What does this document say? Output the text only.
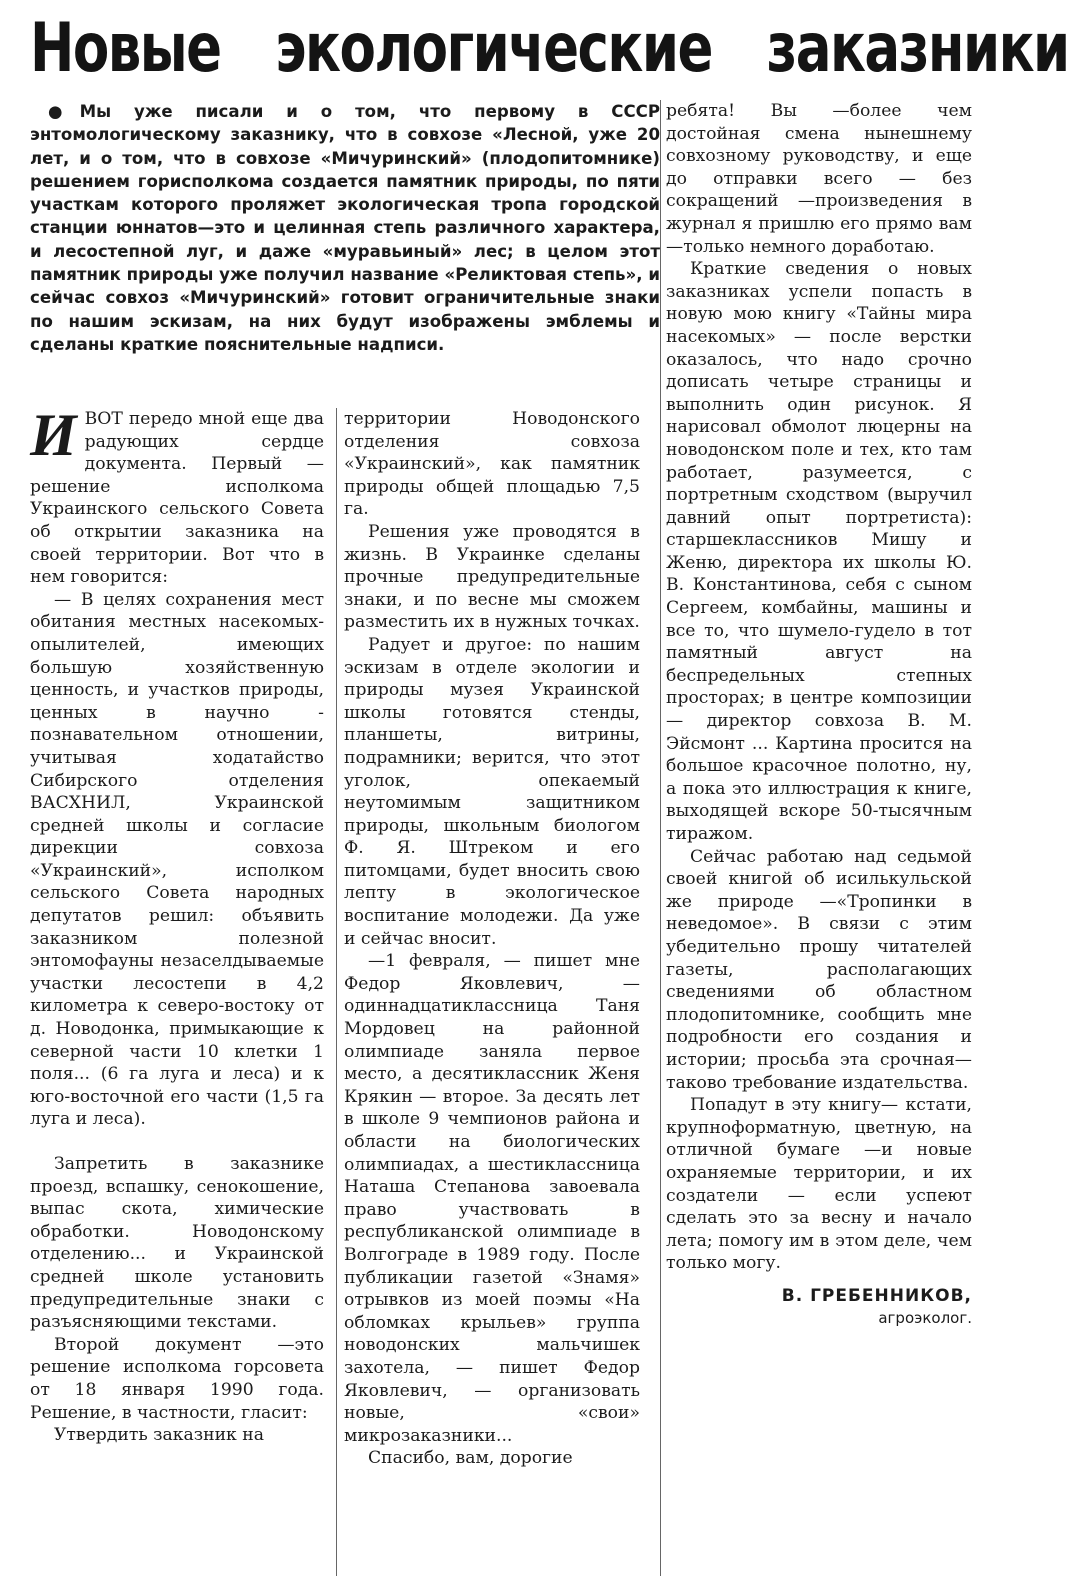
Новые экологические заказники

●Мы уже писали и о том, что первому в СССР энтомологическому заказнику, что в совхозе «Лесной, уже 20 лет, и о том, что в совхозе «Мичуринский» (плодопитомнике) решением горисполкома создается памятник природы, по пяти участкам которого проляжет экологическая тропа городской станции юннатов—это и целинная степь различного характера, и лесостепной луг, и даже «муравьиный» лес; в целом этот памятник природы уже получил название «Реликтовая степь», и сейчас совхоз «Мичуринский» готовит ограничительные знаки по нашим эскизам, на них будут изображены эмблемы и сделаны краткие пояснительные надписи.

И ВОТ передо мной еще два радующих сердце документа. Первый — решение исполкома Украинского сельского Совета об открытии заказника на своей территории. Вот что в нем говорится:

— В целях сохранения мест обитания местных насекомых-опылителей, имеющих большую хозяйственную ценность, и участков природы, ценных в научно - познавательном отношении, учитывая ходатайство Сибирского отделения ВАСХНИЛ, Украинской средней школы и согласие дирекции совхоза «Украинский», исполком сельского Совета народных депутатов решил: объявить заказником полезной энтомофауны незаселдываемые участки лесостепи в 4,2 километра к северо-востоку от д. Новодонка, примыкающие к северной части 10 клетки 1 поля... (6 га луга и леса) и к юго-восточной его части (1,5 га луга и леса).

Запретить в заказнике проезд, вспашку, сенокошение, выпас скота, химические обработки. Новодонскому отделению... и Украинской средней школе установить предупредительные знаки с разъясняющими текстами.

Второй документ —это решение исполкома горсовета от 18 января 1990 года. Решение, в частности, гласит:

Утвердить заказник на

территории Новодонского отделения совхоза «Украинский», как памятник природы общей площадью 7,5 га.

Решения уже проводятся в жизнь. В Украинке сделаны прочные предупредительные знаки, и по весне мы сможем разместить их в нужных точках.

Радует и другое: по нашим эскизам в отделе экологии и природы музея Украинской школы готовятся стенды, планшеты, витрины, подрамники; верится, что этот уголок, опекаемый неутомимым защитником природы, школьным биологом Ф. Я. Штреком и его питомцами, будет вносить свою лепту в экологическое воспитание молодежи. Да уже и сейчас вносит.

—1 февраля, — пишет мне Федор Яковлевич, — одиннадцатиклассница Таня Мордовец на районной олимпиаде заняла первое место, а десятиклассник Женя Крякин — второе. За десять лет в школе 9 чемпионов района и области на биологических олимпиадах, а шестиклассница Наташа Степанова завоевала право участвовать в республиканской олимпиаде в Волгограде в 1989 году. После публикации газетой «Знамя» отрывков из моей поэмы «На обломках крыльев» группа новодонских мальчишек захотела, — пишет Федор Яковлевич, — организовать новые, «свои» микрозаказники...

Спасибо, вам, дорогие

ребята! Вы —более чем достойная смена нынешнему совхозному руководству, и еще до отправки всего — без сокращений —произведения в журнал я пришлю его прямо вам —только немного доработаю.

Краткие сведения о новых заказниках успели попасть в новую мою книгу «Тайны мира насекомых» — после верстки оказалось, что надо срочно дописать четыре страницы и выполнить один рисунок. Я нарисовал обмолот люцерны на новодонском поле и тех, кто там работает, разумеется, с портретным сходством (выручил давний опыт портретиста): старшеклассников Мишу и Женю, директора их школы Ю. В. Константинова, себя с сыном Сергеем, комбайны, машины и все то, что шумело-гудело в тот памятный август на беспредельных степных просторах; в центре композиции — директор совхоза В. М. Эйсмонт ... Картина просится на большое красочное полотно, ну, а пока это иллюстрация к книге, выходящей вскоре 50-тысячным тиражом.

Сейчас работаю над седьмой своей книгой об исилькульской же природе —«Тропинки в неведомое». В связи с этим убедительно прошу читателей газеты, располагающих сведениями об областном плодопитомнике, сообщить мне подробности его создания и истории; просьба эта срочная—таково требование издательства.

Попадут в эту книгу— кстати, крупноформатную, цветную, на отличной бумаге —и новые охраняемые территории, и их создатели — если успеют сделать это за весну и начало лета; помогу им в этом деле, чем только могу.

В. ГРЕБЕННИКОВ,
агроэколог.
